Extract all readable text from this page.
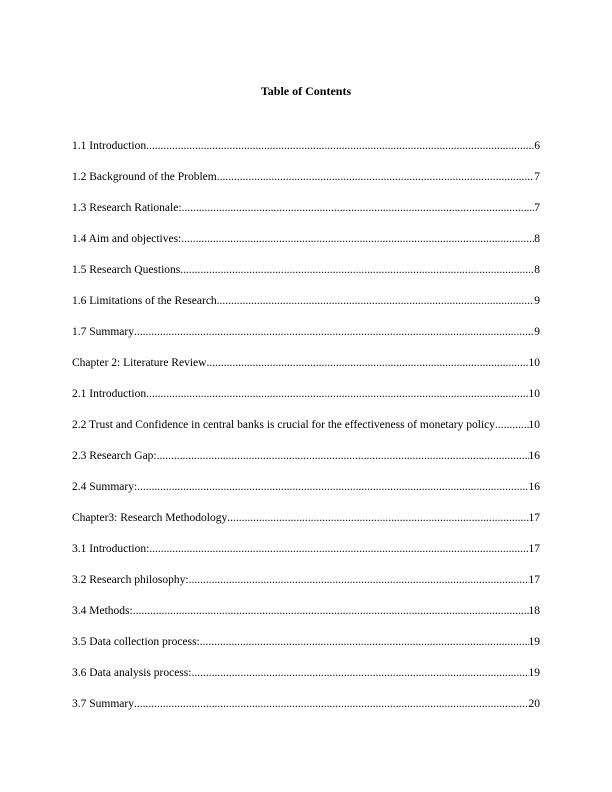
Table of Contents
1.1 Introduction .....	6
1.2 Background of the Problem .....	7
1.3 Research Rationale: .....	7
1.4 Aim and objectives: .....	8
1.5 Research Questions .....	8
1.6 Limitations of the Research .....	9
1.7 Summary .....	9
Chapter 2: Literature Review .....	10
2.1 Introduction .....	10
2.2 Trust and Confidence in central banks is crucial for the effectiveness of monetary policy .....	10
2.3 Research Gap: .....	16
2.4 Summary: .....	16
Chapter3: Research Methodology .....	17
3.1 Introduction: .....	17
3.2 Research philosophy: .....	17
3.4 Methods: .....	18
3.5 Data collection process: .....	19
3.6 Data analysis process: .....	19
3.7 Summary .....	20
